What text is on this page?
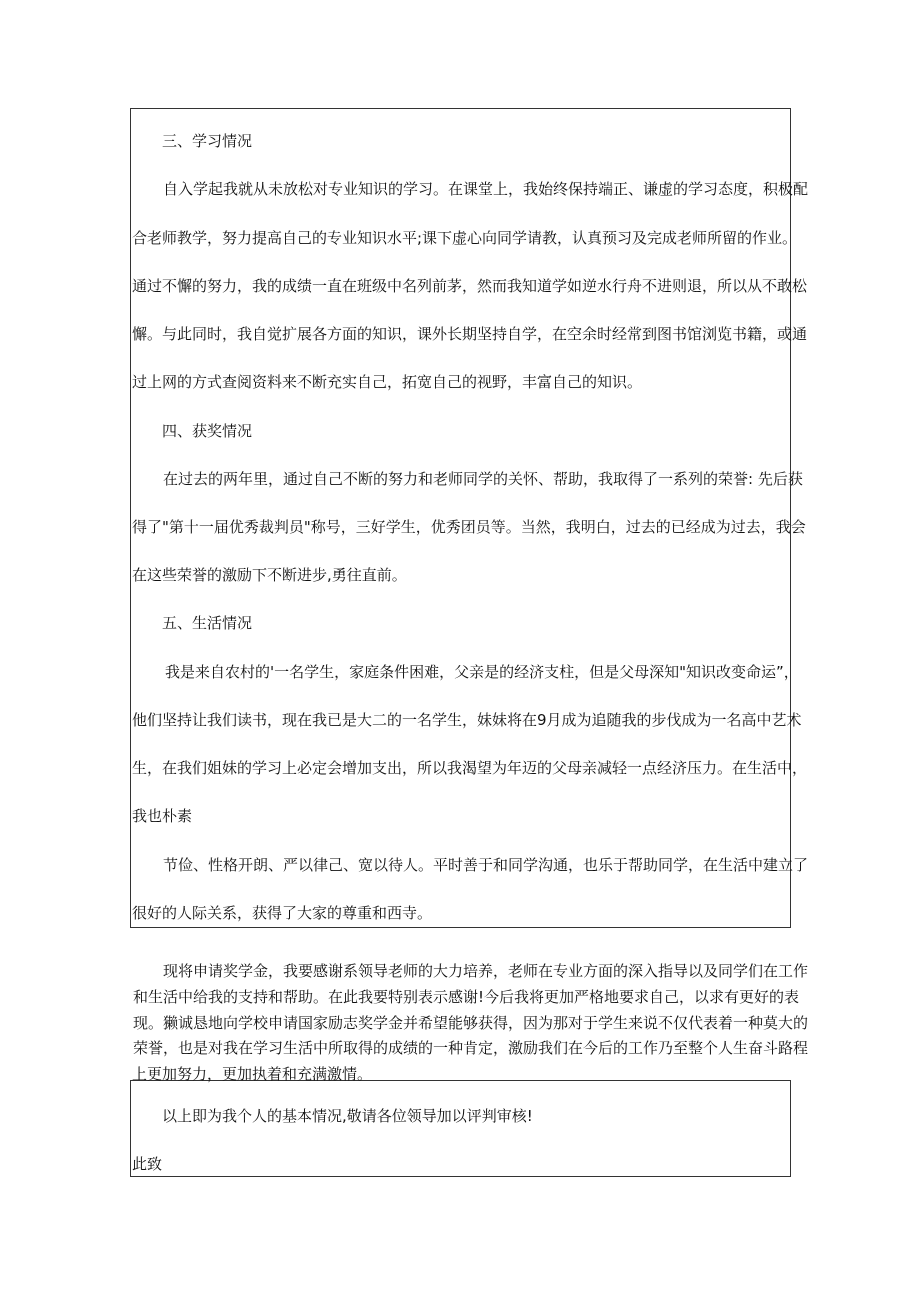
三、学习情况
自入学起我就从未放松对专业知识的学习。在课堂上，我始终保持端正、谦虚的学习态度，积极配
合老师教学，努力提高自己的专业知识水平;课下虚心向同学请教，认真预习及完成老师所留的作业。
通过不懈的努力，我的成绩一直在班级中名列前茅，然而我知道学如逆水行舟不进则退，所以从不敢松
懈。与此同时，我自觉扩展各方面的知识，课外长期坚持自学，在空余时经常到图书馆浏览书籍，或通
过上网的方式查阅资料来不断充实自己，拓宽自己的视野，丰富自己的知识。
四、获奖情况
在过去的两年里，通过自己不断的努力和老师同学的关怀、帮助，我取得了一系列的荣誉: 先后获
得了"第十一届优秀裁判员"称号，三好学生，优秀团员等。当然，我明白，过去的已经成为过去，我会
在这些荣誉的激励下不断进步,勇往直前。
五、生活情况
我是来自农村的'一名学生，家庭条件困难，父亲是的经济支柱，但是父母深知"知识改变命运”，
他们坚持让我们读书，现在我已是大二的一名学生，妹妹将在9月成为追随我的步伐成为一名高中艺术
生，在我们姐妹的学习上必定会增加支出，所以我渴望为年迈的父母亲减轻一点经济压力。在生活中，
我也朴素
节俭、性格开朗、严以律己、宽以待人。平时善于和同学沟通，也乐于帮助同学，在生活中建立了
很好的人际关系，获得了大家的尊重和西寺。
现将申请奖学金，我要感谢系领导老师的大力培养，老师在专业方面的深入指导以及同学们在工作
和生活中给我的支持和帮助。在此我要特别表示感谢!今后我将更加严格地要求自己，以求有更好的表
现。獭诚恳地向学校申请国家励志奖学金并希望能够获得，因为那对于学生来说不仅代表着一种莫大的
荣誉，也是对我在学习生活中所取得的成绩的一种肯定，激励我们在今后的工作乃至整个人生奋斗路程
上更加努力，更加执着和充满激情。
以上即为我个人的基本情况,敬请各位领导加以评判审核!
此致
